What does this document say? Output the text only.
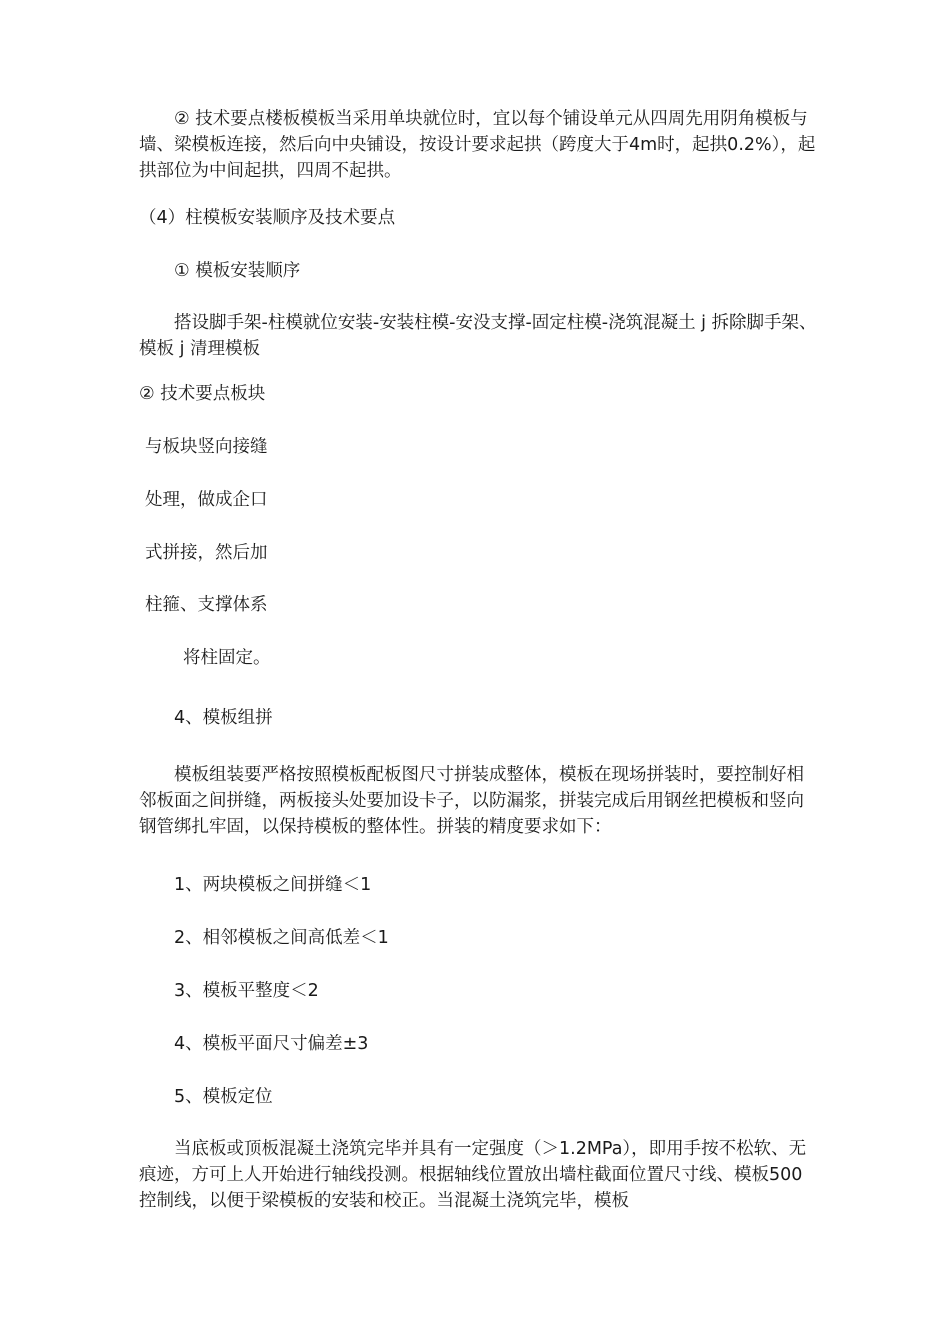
② 技术要点楼板模板当采用单块就位时，宜以每个铺设单元从四周先用阴角模板与墙、梁模板连接，然后向中央铺设，按设计要求起拱（跨度大于4m时，起拱0.2%），起拱部位为中间起拱，四周不起拱。

（4）柱模板安装顺序及技术要点

① 模板安装顺序

搭设脚手架-柱模就位安装-安装柱模-安没支撑-固定柱模-浇筑混凝土 j 拆除脚手架、模板 j 清理模板

② 技术要点板块

与板块竖向接缝

处理，做成企口

式拼接，然后加

柱箍、支撑体系

将柱固定。

4、模板组拼

模板组装要严格按照模板配板图尺寸拼装成整体，模板在现场拼装时，要控制好相邻板面之间拼缝，两板接头处要加设卡子，以防漏浆，拼装完成后用钢丝把模板和竖向钢管绑扎牢固，以保持模板的整体性。拼装的精度要求如下：

1、两块模板之间拼缝＜1

2、相邻模板之间高低差＜1

3、模板平整度＜2

4、模板平面尺寸偏差±3

5、模板定位

当底板或顶板混凝土浇筑完毕并具有一定强度（＞1.2MPa），即用手按不松软、无痕迹，方可上人开始进行轴线投测。根据轴线位置放出墙柱截面位置尺寸线、模板500控制线，以便于梁模板的安装和校正。当混凝土浇筑完毕，模板
